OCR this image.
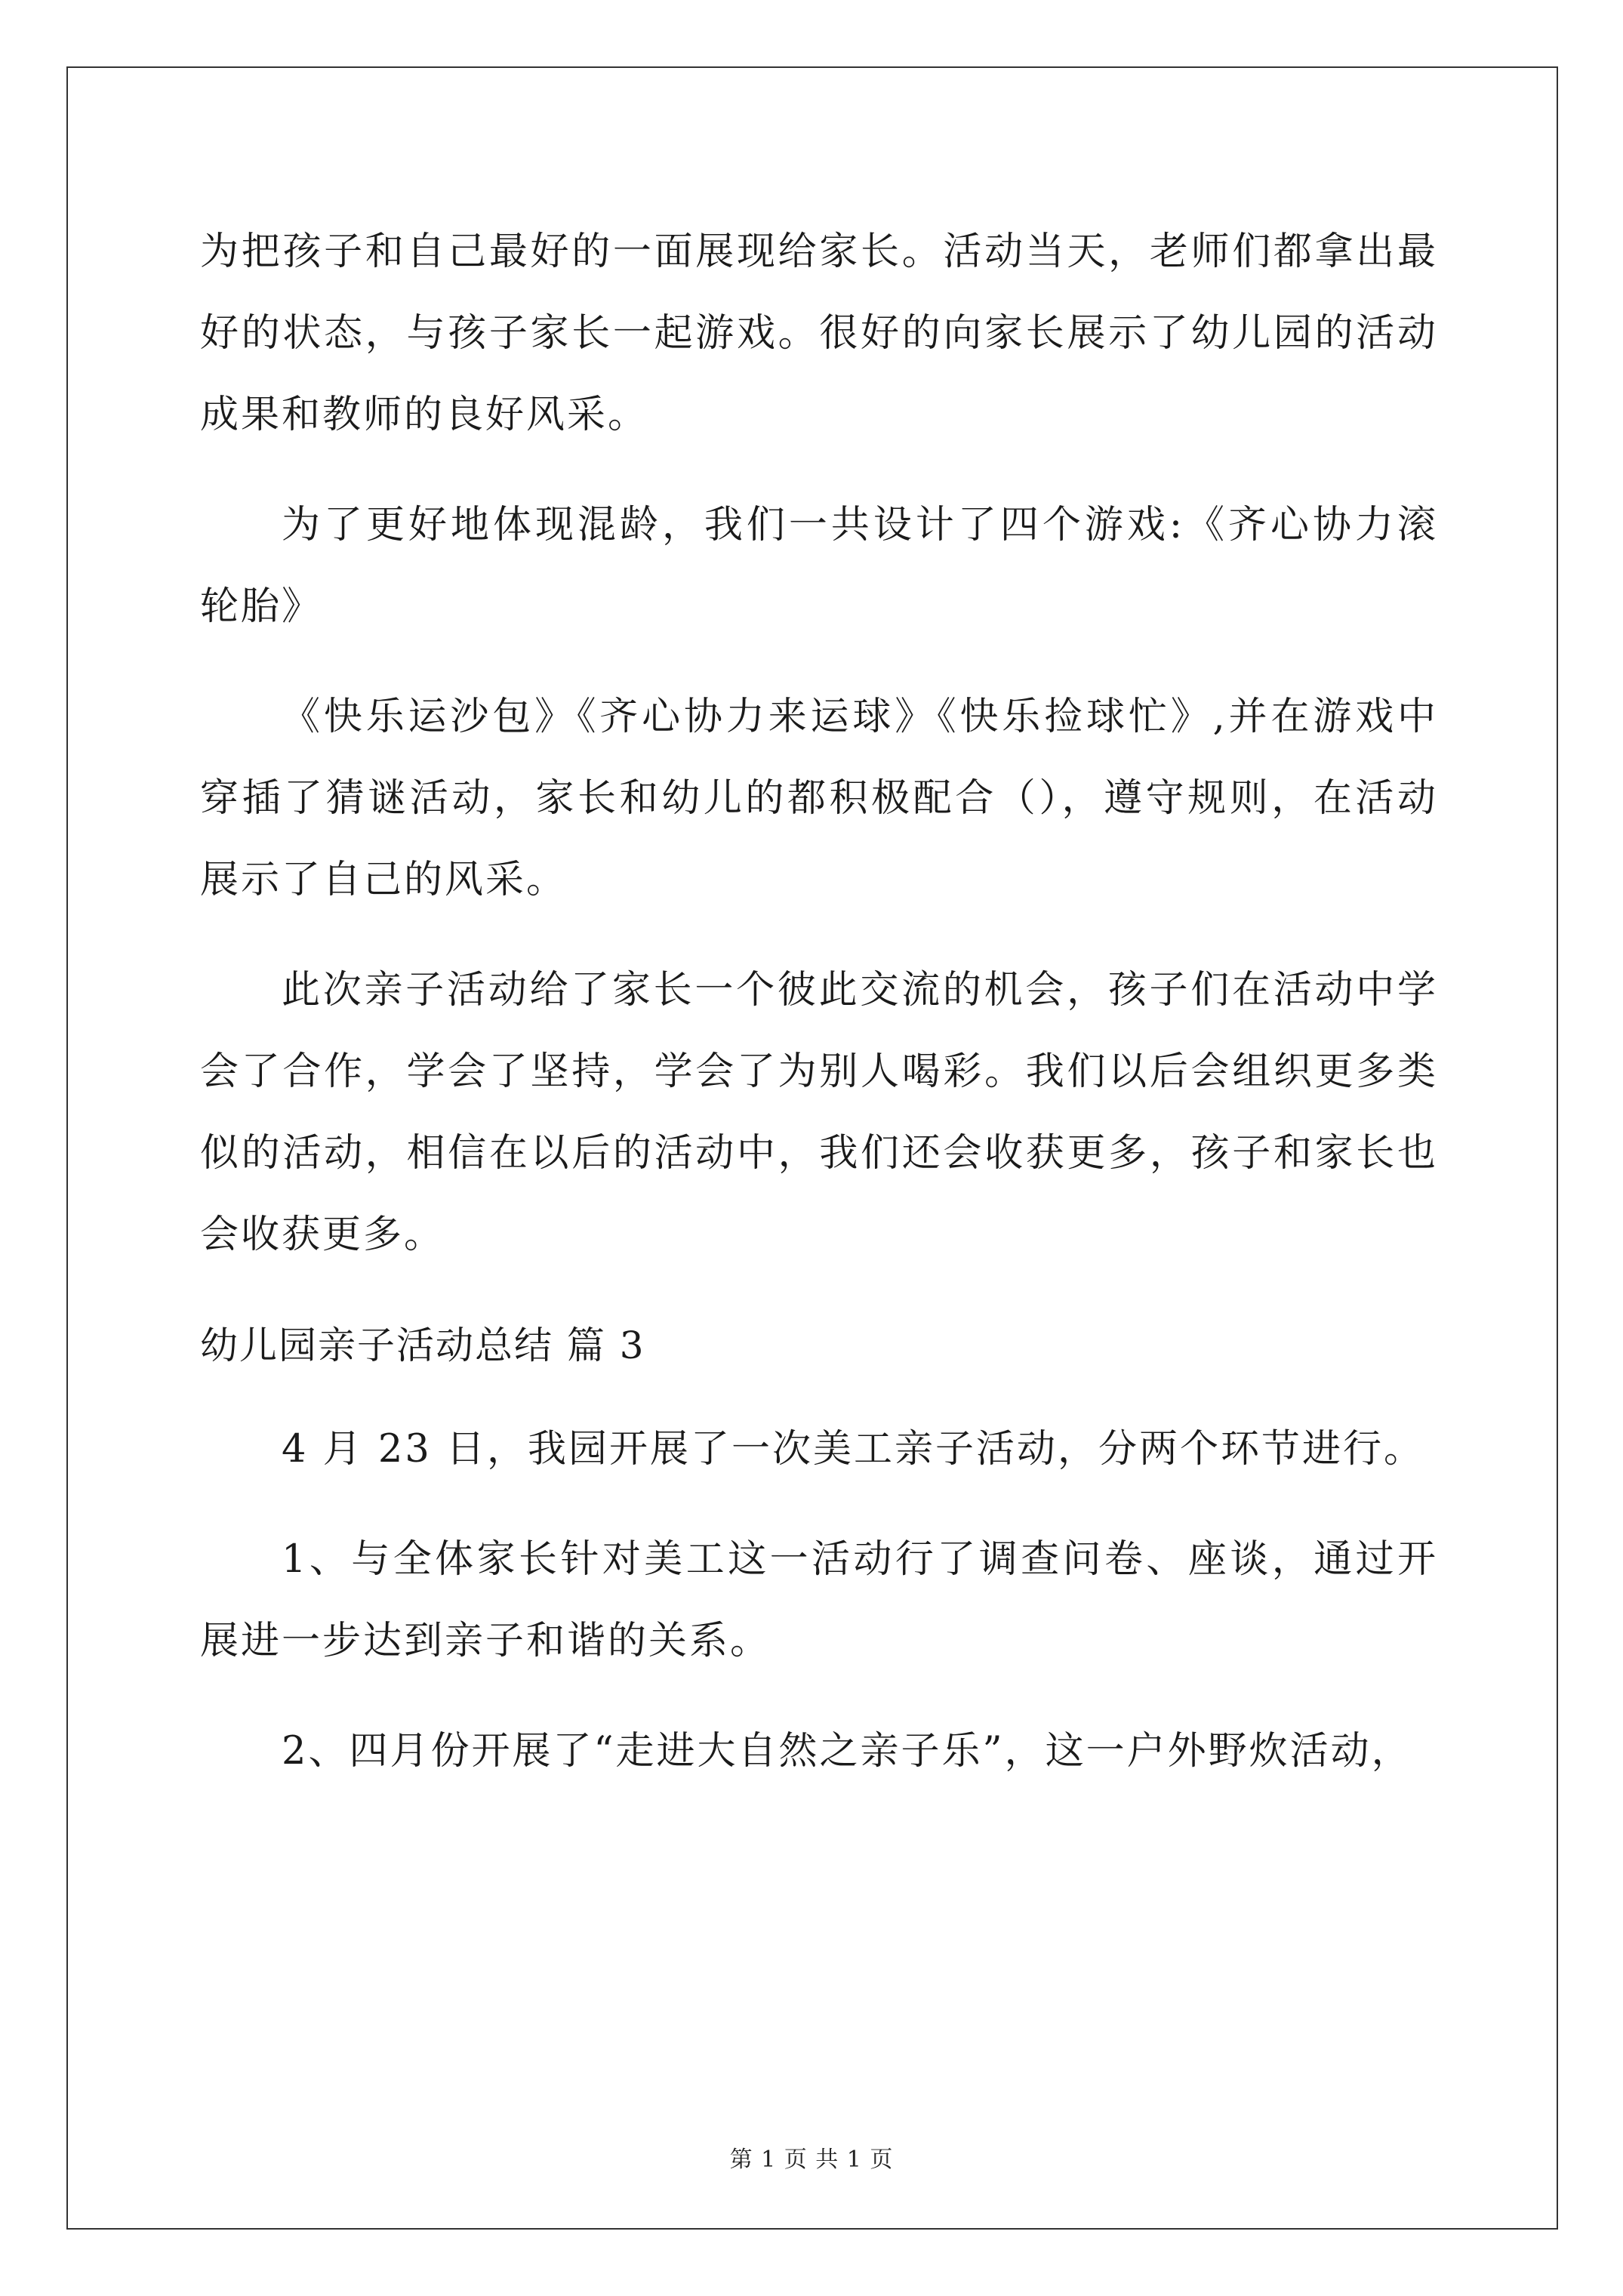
为把孩子和自己最好的一面展现给家长。活动当天，老师们都拿出最好的状态，与孩子家长一起游戏。很好的向家长展示了幼儿园的活动成果和教师的良好风采。

为了更好地体现混龄，我们一共设计了四个游戏:《齐心协力滚轮胎》

《快乐运沙包》《齐心协力来运球》《快乐捡球忙》,并在游戏中穿插了猜谜活动，家长和幼儿的都积极配合（），遵守规则，在活动展示了自己的风采。

此次亲子活动给了家长一个彼此交流的机会，孩子们在活动中学会了合作，学会了坚持，学会了为别人喝彩。我们以后会组织更多类似的活动，相信在以后的活动中，我们还会收获更多，孩子和家长也会收获更多。

幼儿园亲子活动总结 篇 3

4 月 23 日，我园开展了一次美工亲子活动，分两个环节进行。

1、与全体家长针对美工这一活动行了调查问卷、座谈，通过开展进一步达到亲子和谐的关系。

2、四月份开展了“走进大自然之亲子乐”，这一户外野炊活动，

第 1 页 共 1 页
